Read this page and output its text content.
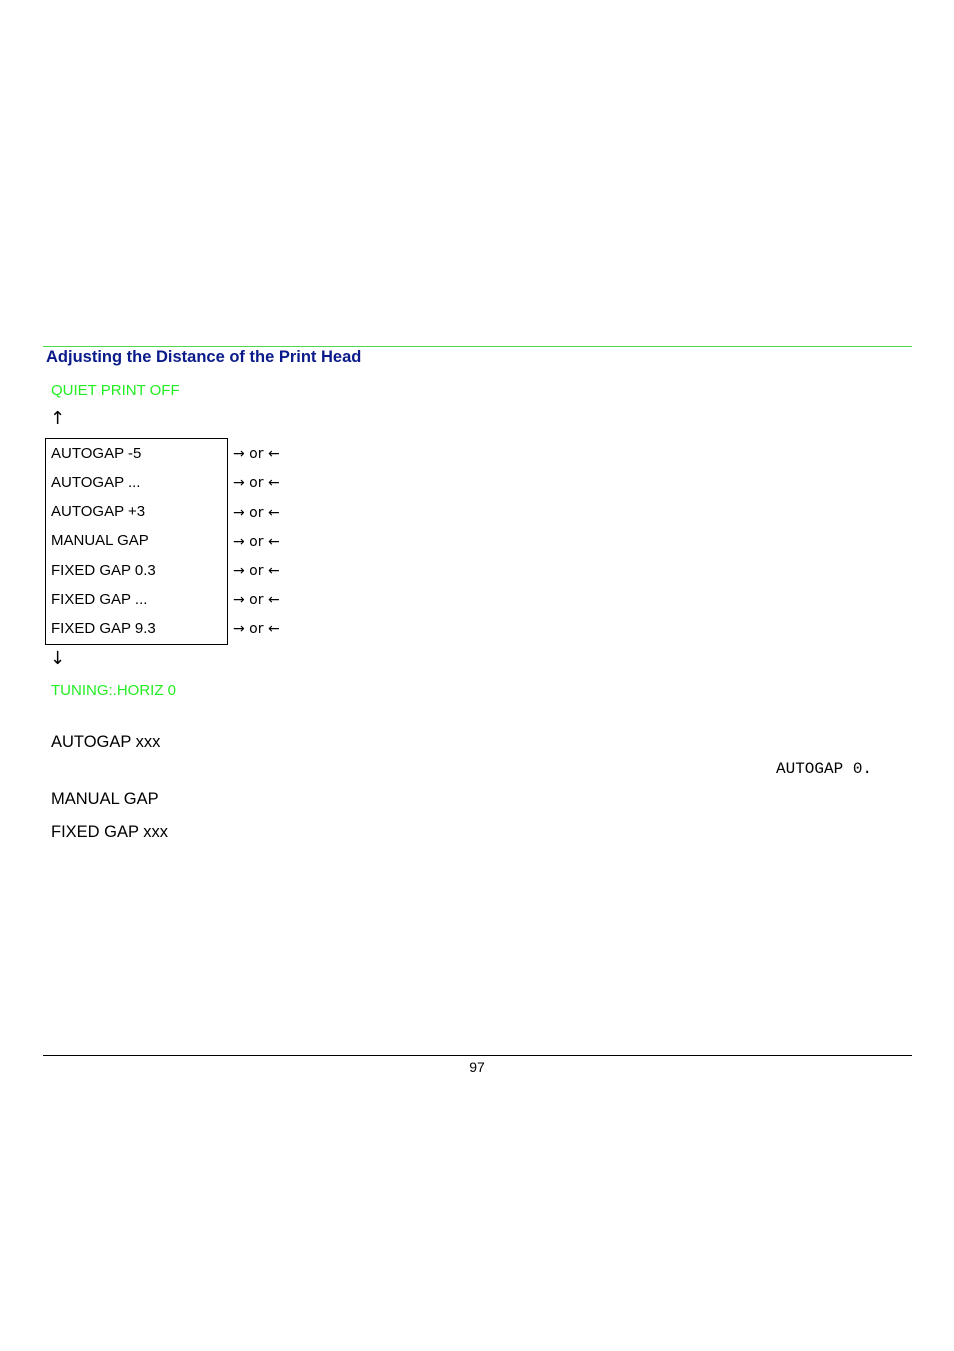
Adjusting the Distance of the Print Head
QUIET PRINT OFF
↑
AUTOGAP -5	→ or ←
AUTOGAP ...	→ or ←
AUTOGAP +3	→ or ←
MANUAL GAP	→ or ←
FIXED GAP 0.3	→ or ←
FIXED GAP ...	→ or ←
FIXED GAP 9.3	→ or ←
↓
TUNING:.HORIZ 0
AUTOGAP xxx
AUTOGAP 0.
MANUAL GAP
FIXED GAP xxx
97
